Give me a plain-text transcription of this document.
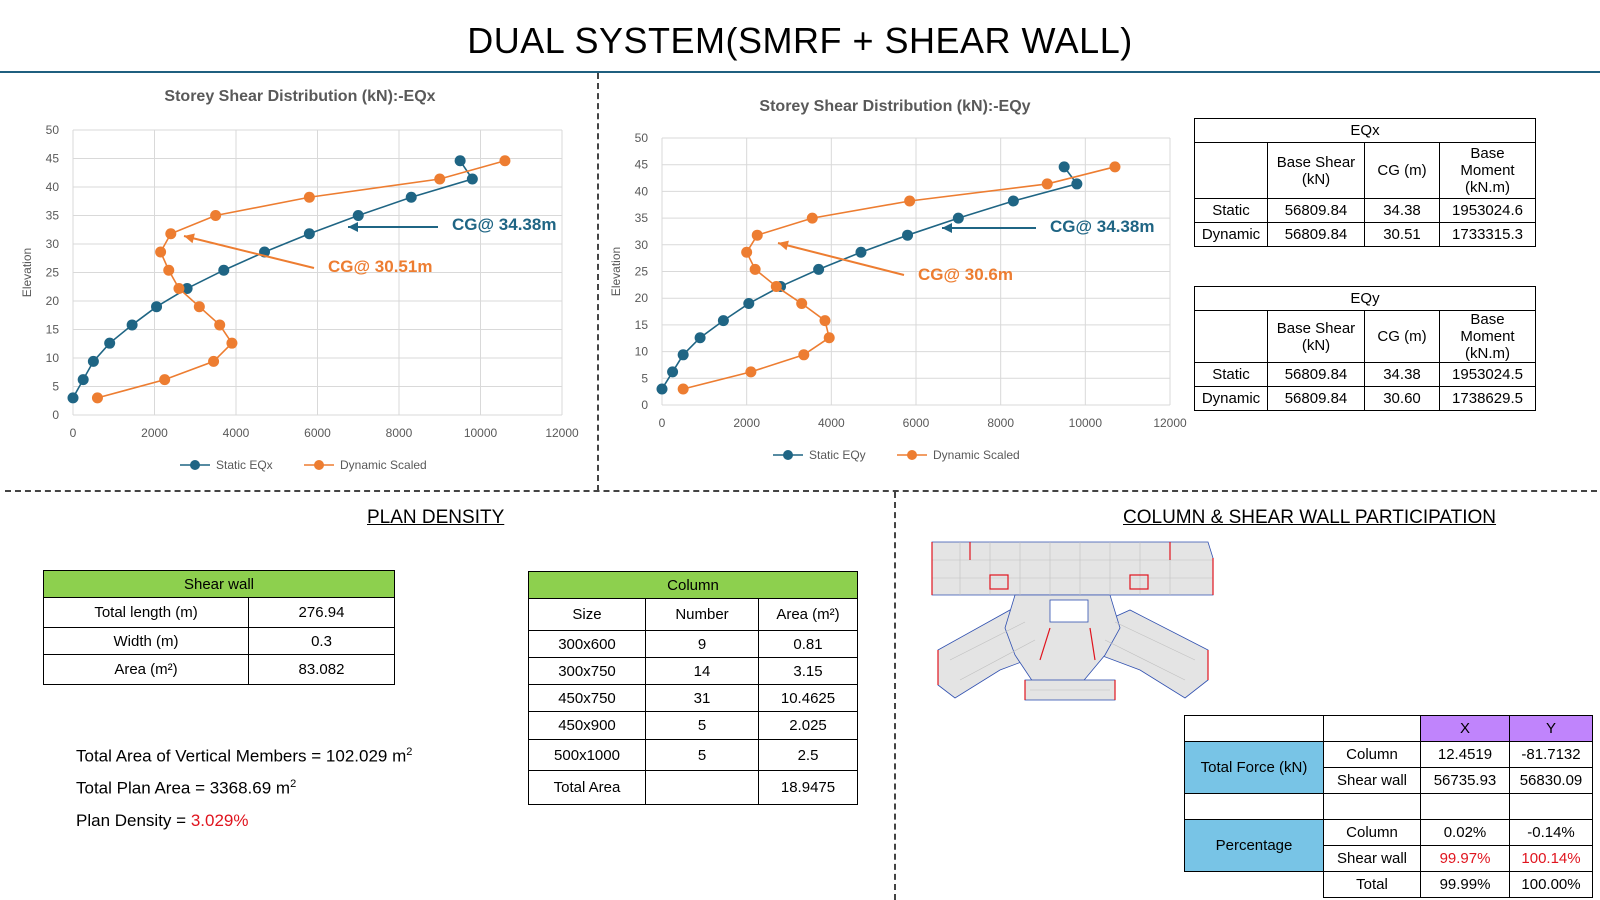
DUAL SYSTEM(SMRF + SHEAR WALL)
Storey Shear Distribution (kN):-EQx
0
5
10
15
20
25
30
35
40
45
50
0	2000	4000	6000	8000	10000	12000
Elevation
CG@ 34.38m
CG@ 30.51m
Static EQx	Dynamic Scaled
Storey Shear Distribution (kN):-EQy
0
5
10
15
20
25
30
35
40
45
50
0	2000	4000	6000	8000	10000	12000
Elevation
CG@ 34.38m
CG@ 30.6m
Static EQy	Dynamic Scaled
EQx			
	Base Shear (kN)	CG (m)	Base Moment (kN.m)
Static	56809.84	34.38	1953024.6
Dynamic	56809.84	30.51	1733315.3
EQy			
	Base Shear (kN)	CG (m)	Base Moment (kN.m)
Static	56809.84	34.38	1953024.5
Dynamic	56809.84	30.60	1738629.5
PLAN DENSITY
Shear wall	
Total length (m)	276.94
Width (m)	0.3
Area (m²)	83.082
Column		
Size	Number	Area (m²)
300x600	9	0.81
300x750	14	3.15
450x750	31	10.4625
450x900	5	2.025
500x1000	5	2.5
Total Area		18.9475
Total Area of Vertical Members = 102.029 $m^2$
Total Plan Area = 3368.69 $m^2$
Plan Density = 3.029%
COLUMN & SHEAR WALL PARTICIPATION
		X	Y
Total Force (kN)	Column	12.4519	-81.7132
	Shear wall	56735.93	56830.09

Percentage	Column	0.02%	-0.14%
	Shear wall	99.97%	100.14%
	Total	99.99%	100.00%
